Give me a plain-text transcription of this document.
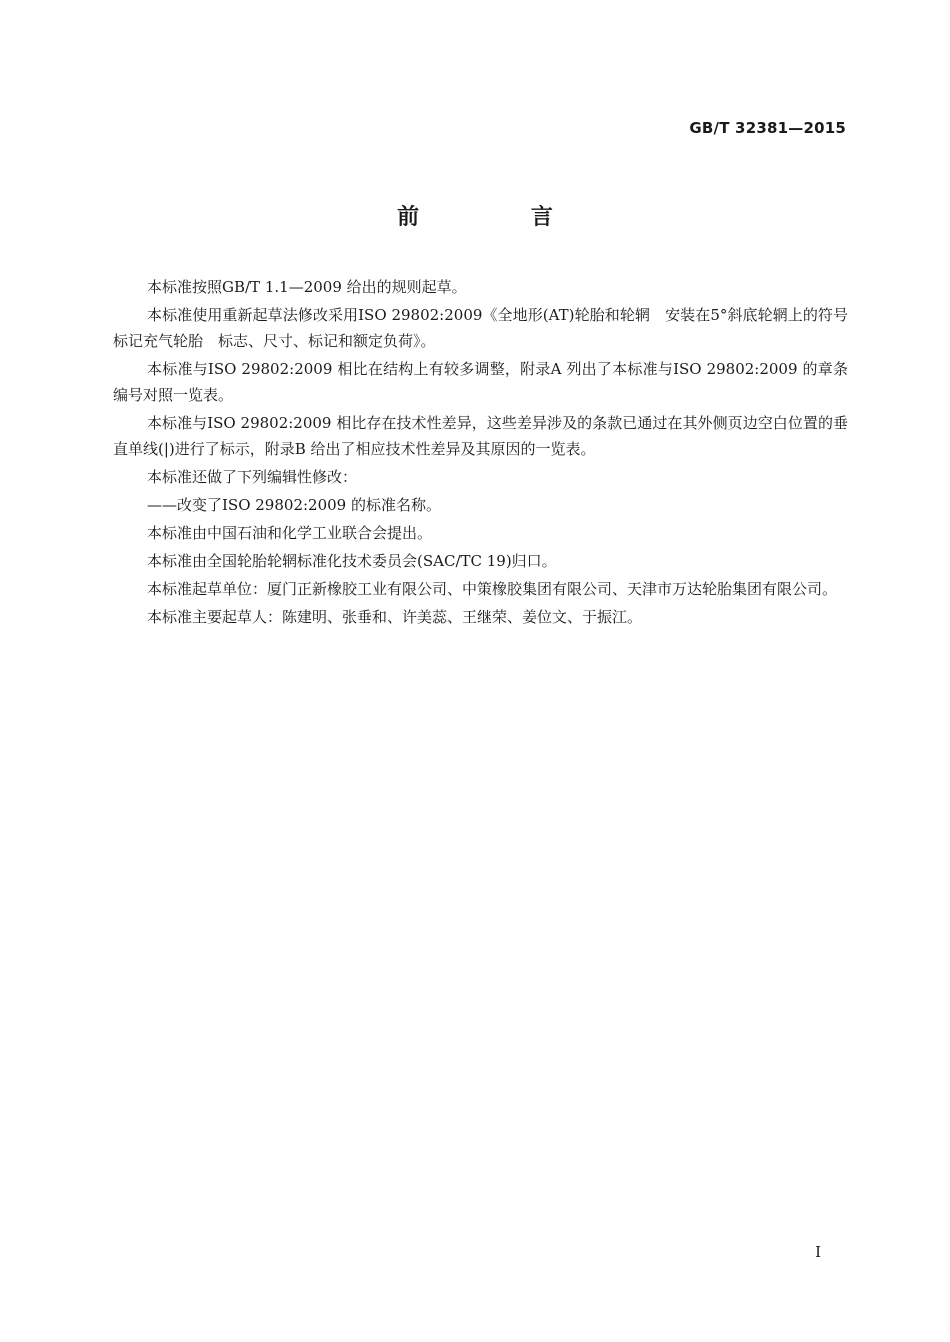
GB/T 32381—2015
前 言

本标准按照GB/T 1.1—2009 给出的规则起草。

本标准使用重新起草法修改采用ISO 29802:2009《全地形(AT)轮胎和轮辋　安装在5°斜底轮辋上的符号标记充气轮胎　标志、尺寸、标记和额定负荷》。

本标准与ISO 29802:2009 相比在结构上有较多调整，附录A 列出了本标准与ISO 29802:2009 的章条编号对照一览表。

本标准与ISO 29802:2009 相比存在技术性差异，这些差异涉及的条款已通过在其外侧页边空白位置的垂直单线(|)进行了标示，附录B 给出了相应技术性差异及其原因的一览表。

本标准还做了下列编辑性修改：

——改变了ISO 29802:2009 的标准名称。

本标准由中国石油和化学工业联合会提出。

本标准由全国轮胎轮辋标准化技术委员会(SAC/TC 19)归口。

本标准起草单位：厦门正新橡胶工业有限公司、中策橡胶集团有限公司、天津市万达轮胎集团有限公司。

本标准主要起草人：陈建明、张垂和、许美蕊、王继荣、姜位文、于振江。

I
